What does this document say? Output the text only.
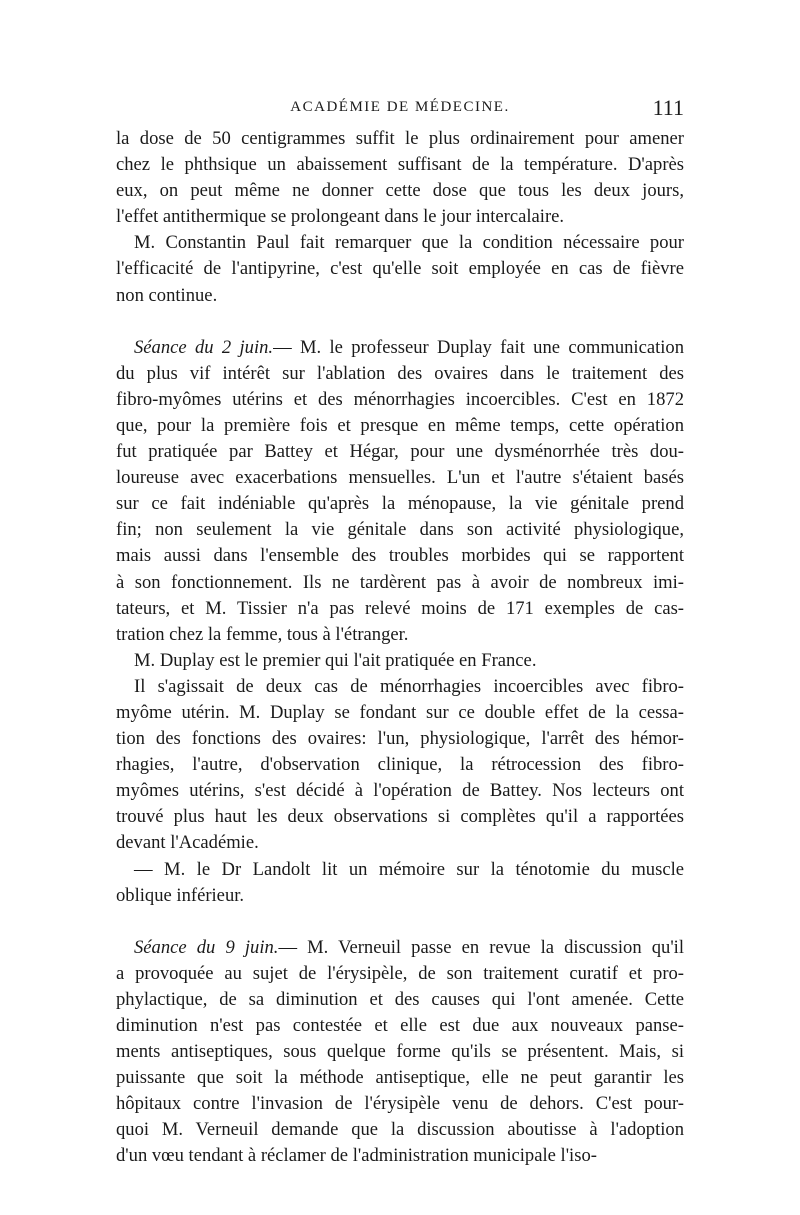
ACADÉMIE DE MÉDECINE.	111

la dose de 50 centigrammes suffit le plus ordinairement pour amener
chez le phthsique un abaissement suffisant de la température. D'après
eux, on peut même ne donner cette dose que tous les deux jours,
l'effet antithermique se prolongeant dans le jour intercalaire.

M. Constantin Paul fait remarquer que la condition nécessaire pour
l'efficacité de l'antipyrine, c'est qu'elle soit employée en cas de fièvre
non continue.

Séance du 2 juin.— M. le professeur Duplay fait une communication
du plus vif intérêt sur l'ablation des ovaires dans le traitement des
fibro-myômes utérins et des ménorrhagies incoercibles. C'est en 1872
que, pour la première fois et presque en même temps, cette opération
fut pratiquée par Battey et Hégar, pour une dysménorrhée très dou-
loureuse avec exacerbations mensuelles. L'un et l'autre s'étaient basés
sur ce fait indéniable qu'après la ménopause, la vie génitale prend
fin; non seulement la vie génitale dans son activité physiologique,
mais aussi dans l'ensemble des troubles morbides qui se rapportent
à son fonctionnement. Ils ne tardèrent pas à avoir de nombreux imi-
tateurs, et M. Tissier n'a pas relevé moins de 171 exemples de cas-
tration chez la femme, tous à l'étranger.

M. Duplay est le premier qui l'ait pratiquée en France.

Il s'agissait de deux cas de ménorrhagies incoercibles avec fibro-
myôme utérin. M. Duplay se fondant sur ce double effet de la cessa-
tion des fonctions des ovaires: l'un, physiologique, l'arrêt des hémor-
rhagies, l'autre, d'observation clinique, la rétrocession des fibro-
myômes utérins, s'est décidé à l'opération de Battey. Nos lecteurs ont
trouvé plus haut les deux observations si complètes qu'il a rapportées
devant l'Académie.

— M. le Dr Landolt lit un mémoire sur la ténotomie du muscle
oblique inférieur.

Séance du 9 juin.— M. Verneuil passe en revue la discussion qu'il
a provoquée au sujet de l'érysipèle, de son traitement curatif et pro-
phylactique, de sa diminution et des causes qui l'ont amenée. Cette
diminution n'est pas contestée et elle est due aux nouveaux panse-
ments antiseptiques, sous quelque forme qu'ils se présentent. Mais, si
puissante que soit la méthode antiseptique, elle ne peut garantir les
hôpitaux contre l'invasion de l'érysipèle venu de dehors. C'est pour-
quoi M. Verneuil demande que la discussion aboutisse à l'adoption
d'un vœu tendant à réclamer de l'administration municipale l'iso-
